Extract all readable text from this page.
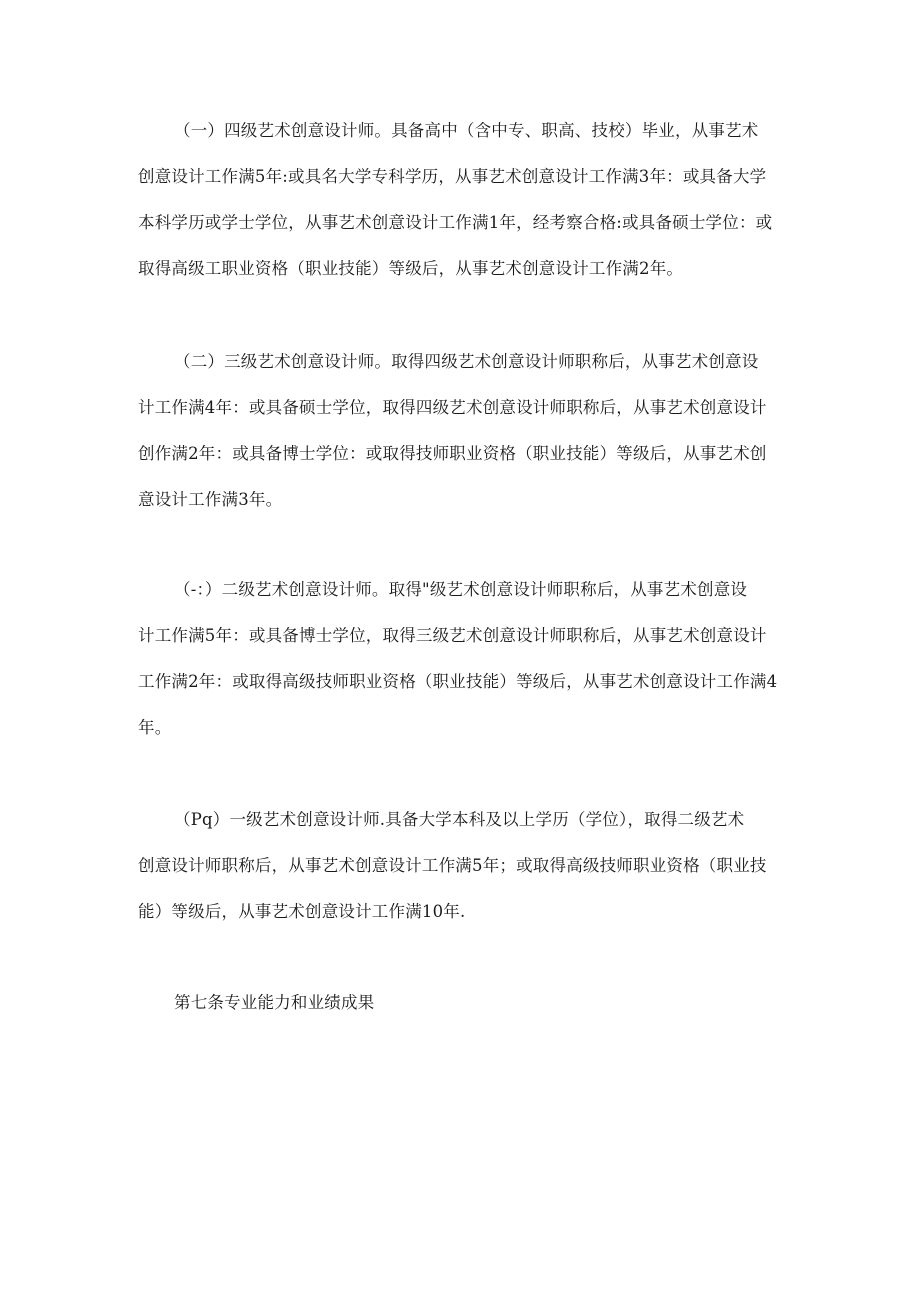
（一）四级艺术创意设计师。具备高中（含中专、职高、技校）毕业，从事艺术
创意设计工作满5年:或具名大学专科学历，从事艺术创意设计工作满3年：或具备大学
本科学历或学士学位，从事艺术创意设计工作满1年，经考察合格:或具备硕士学位：或
取得高级工职业资格（职业技能）等级后，从事艺术创意设计工作满2年。

（二）三级艺术创意设计师。取得四级艺术创意设计师职称后，从事艺术创意设
计工作满4年：或具备硕士学位，取得四级艺术创意设计师职称后，从事艺术创意设计
创作满2年：或具备博士学位：或取得技师职业资格（职业技能）等级后，从事艺术创
意设计工作满3年。

（-：）二级艺术创意设计师。取得"级艺术创意设计师职称后，从事艺术创意设
计工作满5年：或具备博士学位，取得三级艺术创意设计师职称后，从事艺术创意设计
工作满2年：或取得高级技师职业资格（职业技能）等级后，从事艺术创意设计工作满4
年。

（Pq）一级艺术创意设计师.具备大学本科及以上学历（学位），取得二级艺术
创意设计师职称后，从事艺术创意设计工作满5年；或取得高级技师职业资格（职业技
能）等级后，从事艺术创意设计工作满10年.

第七条专业能力和业绩成果
